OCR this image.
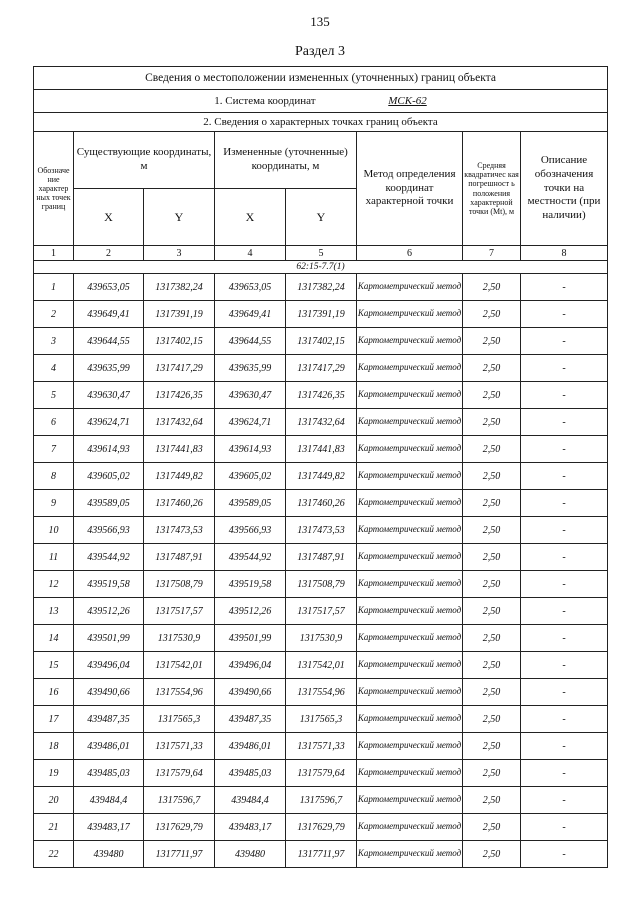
135
Раздел 3
Сведения о местоположении измененных (уточненных) границ объекта							
1. Система координат МСК-62							
2. Сведения о характерных точках границ объекта							
Обозначе ние характер ных точек границ	Существующие координаты, м		Измененные (уточненные) координаты, м		Метод определения координат характерной точки	Средняя квадратичес кая погрешност ь положения характерной точки (Mt), м	Описание обозначения точки на местности (при наличии)
	X	Y	X	Y			
1	2	3	4	5	6	7	8
62:15-7.7(1)							
1	439653,05	1317382,24	439653,05	1317382,24	Картометрический метод	2,50	-
2	439649,41	1317391,19	439649,41	1317391,19	Картометрический метод	2,50	-
3	439644,55	1317402,15	439644,55	1317402,15	Картометрический метод	2,50	-
4	439635,99	1317417,29	439635,99	1317417,29	Картометрический метод	2,50	-
5	439630,47	1317426,35	439630,47	1317426,35	Картометрический метод	2,50	-
6	439624,71	1317432,64	439624,71	1317432,64	Картометрический метод	2,50	-
7	439614,93	1317441,83	439614,93	1317441,83	Картометрический метод	2,50	-
8	439605,02	1317449,82	439605,02	1317449,82	Картометрический метод	2,50	-
9	439589,05	1317460,26	439589,05	1317460,26	Картометрический метод	2,50	-
10	439566,93	1317473,53	439566,93	1317473,53	Картометрический метод	2,50	-
11	439544,92	1317487,91	439544,92	1317487,91	Картометрический метод	2,50	-
12	439519,58	1317508,79	439519,58	1317508,79	Картометрический метод	2,50	-
13	439512,26	1317517,57	439512,26	1317517,57	Картометрический метод	2,50	-
14	439501,99	1317530,9	439501,99	1317530,9	Картометрический метод	2,50	-
15	439496,04	1317542,01	439496,04	1317542,01	Картометрический метод	2,50	-
16	439490,66	1317554,96	439490,66	1317554,96	Картометрический метод	2,50	-
17	439487,35	1317565,3	439487,35	1317565,3	Картометрический метод	2,50	-
18	439486,01	1317571,33	439486,01	1317571,33	Картометрический метод	2,50	-
19	439485,03	1317579,64	439485,03	1317579,64	Картометрический метод	2,50	-
20	439484,4	1317596,7	439484,4	1317596,7	Картометрический метод	2,50	-
21	439483,17	1317629,79	439483,17	1317629,79	Картометрический метод	2,50	-
22	439480	1317711,97	439480	1317711,97	Картометрический метод	2,50	-
